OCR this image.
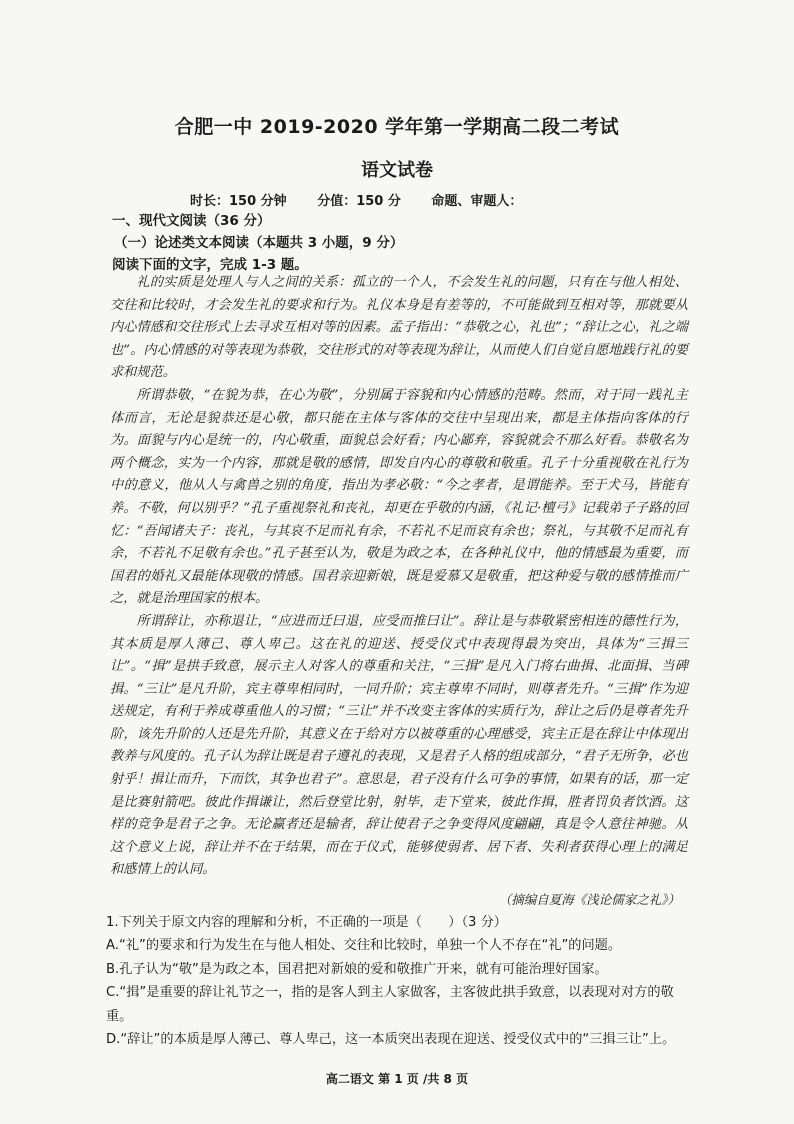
合肥一中 2019-2020 学年第一学期高二段二考试
语文试卷
时长：150 分钟 分值：150 分 命题、审题人：
一、现代文阅读（36 分）
（一）论述类文本阅读（本题共 3 小题，9 分）
阅读下面的文字，完成 1-3 题。

礼的实质是处理人与人之间的关系：孤立的一个人，不会发生礼的问题，只有在与他人相处、交往和比较时，才会发生礼的要求和行为。礼仪本身是有差等的，不可能做到互相对等，那就要从内心情感和交往形式上去寻求互相对等的因素。孟子指出：“恭敬之心，礼也”；“辞让之心，礼之端也”。内心情感的对等表现为恭敬，交往形式的对等表现为辞让，从而使人们自觉自愿地践行礼的要求和规范。

所谓恭敬，“在貌为恭，在心为敬”，分别属于容貌和内心情感的范畴。然而，对于同一践礼主体而言，无论是貌恭还是心敬，都只能在主体与客体的交往中呈现出来，都是主体指向客体的行为。面貌与内心是统一的，内心敬重，面貌总会好看；内心鄙弃，容貌就会不那么好看。恭敬名为两个概念，实为一个内容，那就是敬的感情，即发自内心的尊敬和敬重。孔子十分重视敬在礼行为中的意义，他从人与禽兽之别的角度，指出为孝必敬：“今之孝者，是谓能养。至于犬马，皆能有养。不敬，何以别乎？”孔子重视祭礼和丧礼，却更在乎敬的内涵，《礼记·檀弓》记载弟子子路的回忆：“吾闻诸夫子：丧礼，与其哀不足而礼有余，不若礼不足而哀有余也；祭礼，与其敬不足而礼有余，不若礼不足敬有余也。”孔子甚至认为，敬是为政之本，在各种礼仪中，他的情感最为重要，而国君的婚礼又最能体现敬的情感。国君亲迎新娘，既是爱慕又是敬重，把这种爱与敬的感情推而广之，就是治理国家的根本。

所谓辞让，亦称退让，“应进而迁曰退，应受而推曰让”。辞让是与恭敬紧密相连的德性行为，其本质是厚人薄己、尊人卑己。这在礼的迎送、授受仪式中表现得最为突出，具体为“三揖三让”。“揖”是拱手致意，展示主人对客人的尊重和关注，“三揖”是凡入门将右曲揖、北面揖、当碑揖。“三让”是凡升阶，宾主尊卑相同时，一同升阶；宾主尊卑不同时，则尊者先升。“三揖”作为迎送规定，有利于养成尊重他人的习惯；“三让”并不改变主客体的实质行为，辞让之后仍是尊者先升阶，该先升阶的人还是先升阶，其意义在于给对方以被尊重的心理感受，宾主正是在辞让中体现出教养与风度的。孔子认为辞让既是君子遵礼的表现，又是君子人格的组成部分，“君子无所争，必也射乎！揖让而升，下而饮，其争也君子”。意思是，君子没有什么可争的事情，如果有的话，那一定是比赛射箭吧。彼此作揖谦让，然后登堂比射，射毕，走下堂来，彼此作揖，胜者罚负者饮酒。这样的竞争是君子之争。无论赢者还是输者，辞让使君子之争变得风度翩翩，真是令人意往神驰。从这个意义上说，辞让并不在于结果，而在于仪式，能够使弱者、居下者、失利者获得心理上的满足和感情上的认同。

（摘编自夏海《浅论儒家之礼》）

1.下列关于原文内容的理解和分析，不正确的一项是（　　）（3 分）

A.“礼”的要求和行为发生在与他人相处、交往和比较时，单独一个人不存在“礼”的问题。

B.孔子认为“敬”是为政之本，国君把对新娘的爱和敬推广开来，就有可能治理好国家。

C.“揖”是重要的辞让礼节之一，指的是客人到主人家做客，主客彼此拱手致意，以表现对对方的敬重。

D.“辞让”的本质是厚人薄己、尊人卑己，这一本质突出表现在迎送、授受仪式中的“三揖三让”上。

高二语文 第 1 页 /共 8 页
